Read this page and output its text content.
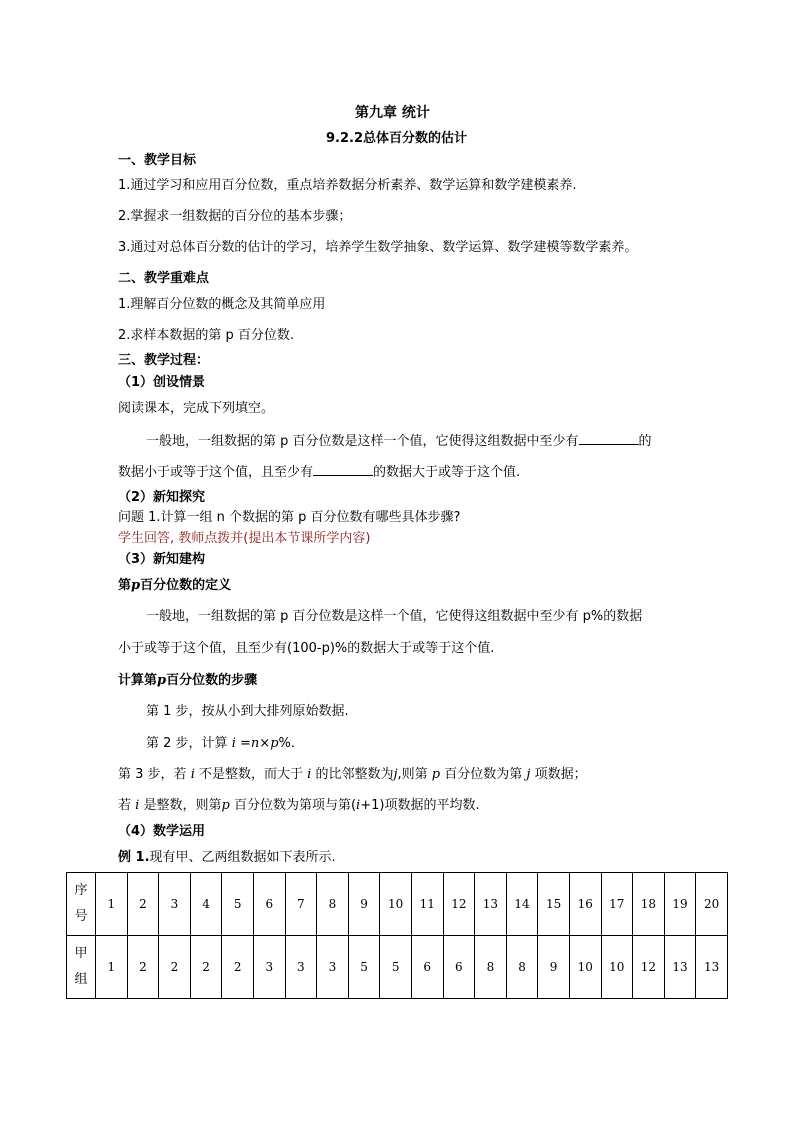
第九章 统计
9.2.2总体百分数的估计
一、教学目标
1.通过学习和应用百分位数，重点培养数据分析素养、数学运算和数学建模素养.
2.掌握求一组数据的百分位的基本步骤；
3.通过对总体百分数的估计的学习，培养学生数学抽象、数学运算、数学建模等数学素养。
二、教学重难点
1.理解百分位数的概念及其简单应用
2.求样本数据的第 p 百分位数.
三、教学过程：
（1）创设情景
阅读课本，完成下列填空。
一般地，一组数据的第 p 百分位数是这样一个值，它使得这组数据中至少有	的
数据小于或等于这个值，且至少有	的数据大于或等于这个值.
（2）新知探究
问题 1.计算一组 n 个数据的第 p 百分位数有哪些具体步骤?
学生回答, 教师点拨并(提出本节课所学内容)
（3）新知建构
第p百分位数的定义
一般地，一组数据的第 p 百分位数是这样一个值，它使得这组数据中至少有 p%的数据
小于或等于这个值，且至少有(100-p)%的数据大于或等于这个值.
计算第p百分位数的步骤
第 1 步，按从小到大排列原始数据.
第 2 步，计算 i =n×p%.
第 3 步，若 i 不是整数，而大于 i 的比邻整数为j,则第 p 百分位数为第 j 项数据；
若 i 是整数，则第p 百分位数为第项与第(i+1)项数据的平均数.
（4）数学运用
例 1.现有甲、乙两组数据如下表所示.
序
号	1	2	3	4	5	6	7	8	9	10	11	12	13	14	15	16	17	18	19	20
甲
组	1	2	2	2	2	3	3	3	5	5	6	6	8	8	9	10	10	12	13	13
